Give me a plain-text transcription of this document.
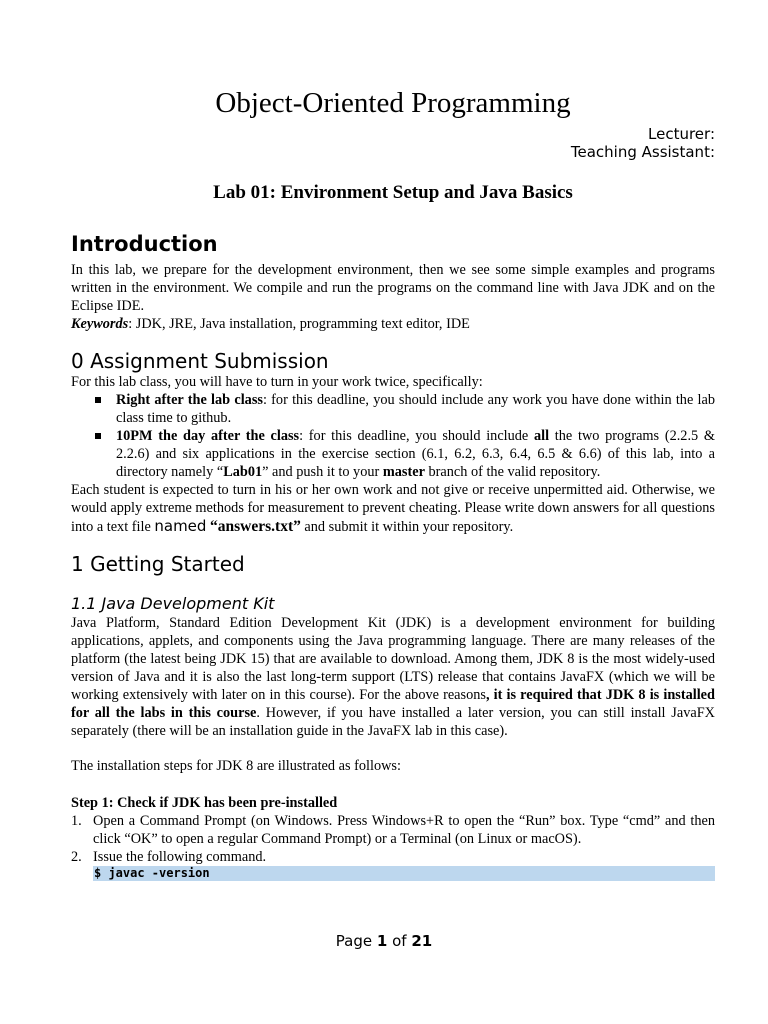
Object-Oriented Programming
Lecturer:
Teaching Assistant:
Lab 01: Environment Setup and Java Basics
Introduction

In this lab, we prepare for the development environment, then we see some simple examples and programs written in the environment. We compile and run the programs on the command line with Java JDK and on the Eclipse IDE.

Keywords: JDK, JRE, Java installation, programming text editor, IDE

0 Assignment Submission

For this lab class, you will have to turn in your work twice, specifically:

Right after the lab class: for this deadline, you should include any work you have done within the lab class time to github.
10PM the day after the class: for this deadline, you should include all the two programs (2.2.5 & 2.2.6) and six applications in the exercise section (6.1, 6.2, 6.3, 6.4, 6.5 & 6.6) of this lab, into a directory namely “Lab01” and push it to your master branch of the valid repository.

Each student is expected to turn in his or her own work and not give or receive unpermitted aid. Otherwise, we would apply extreme methods for measurement to prevent cheating. Please write down answers for all questions into a text file named “answers.txt” and submit it within your repository.

1 Getting Started
1.1 Java Development Kit

Java Platform, Standard Edition Development Kit (JDK) is a development environment for building applications, applets, and components using the Java programming language. There are many releases of the platform (the latest being JDK 15) that are available to download. Among them, JDK 8 is the most widely-used version of Java and it is also the last long-term support (LTS) release that contains JavaFX (which we will be working extensively with later on in this course). For the above reasons, it is required that JDK 8 is installed for all the labs in this course. However, if you have installed a later version, you can still install JavaFX separately (there will be an installation guide in the JavaFX lab in this case).

The installation steps for JDK 8 are illustrated as follows:

Step 1: Check if JDK has been pre-installed

1. Open a Command Prompt (on Windows. Press Windows+R to open the “Run” box. Type “cmd” and then click “OK” to open a regular Command Prompt) or a Terminal (on Linux or macOS).
2. Issue the following command.
$ javac -version
Page 1 of 21
